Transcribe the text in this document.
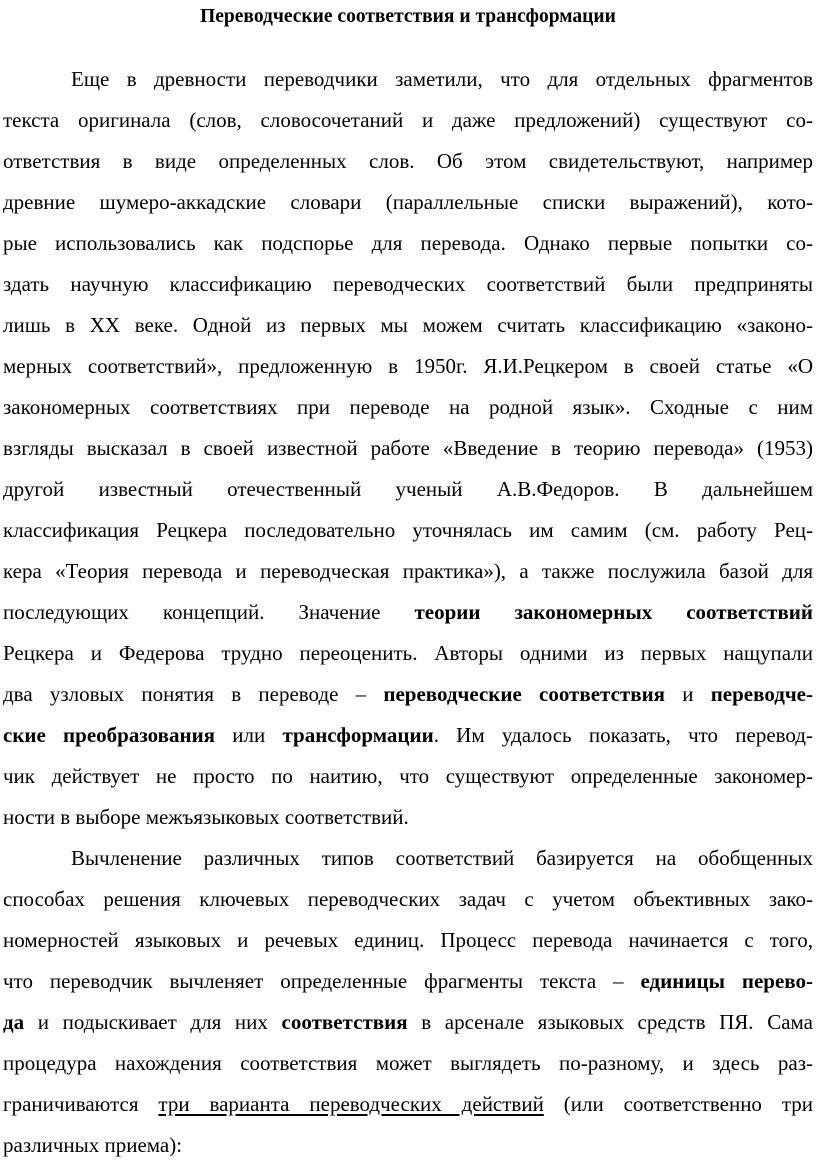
Переводческие соответствия и трансформации
Еще в древности переводчики заметили, что для отдельных фрагментов
текста оригинала (слов, словосочетаний и даже предложений) существуют со-
ответствия в виде определенных слов. Об этом свидетельствуют, например
древние шумеро-аккадские словари (параллельные списки выражений), кото-
рые использовались как подспорье для перевода. Однако первые попытки со-
здать научную классификацию переводческих соответствий были предприняты
лишь в XX веке. Одной из первых мы можем считать классификацию «законо-
мерных соответствий», предложенную в 1950г. Я.И.Рецкером в своей статье «О
закономерных соответствиях при переводе на родной язык». Сходные с ним
взгляды высказал в своей известной работе «Введение в теорию перевода» (1953)
другой известный отечественный ученый А.В.Федоров. В дальнейшем
классификация Рецкера последовательно уточнялась им самим (см. работу Рец-
кера «Теория перевода и переводческая практика»), а также послужила базой для
последующих концепций. Значение теории закономерных соответствий
Рецкера и Федерова трудно переоценить. Авторы одними из первых нащупали
два узловых понятия в переводе – переводческие соответствия и переводче-
ские преобразования или трансформации. Им удалось показать, что перевод-
чик действует не просто по наитию, что существуют определенные закономер-
ности в выборе межъязыковых соответствий.
Вычленение различных типов соответствий базируется на обобщенных
способах решения ключевых переводческих задач с учетом объективных зако-
номерностей языковых и речевых единиц. Процесс перевода начинается с того,
что переводчик вычленяет определенные фрагменты текста – единицы перево-
да и подыскивает для них соответствия в арсенале языковых средств ПЯ. Сама
процедура нахождения соответствия может выглядеть по-разному, и здесь раз-
граничиваются три варианта переводческих действий (или соответственно три
различных приема):
